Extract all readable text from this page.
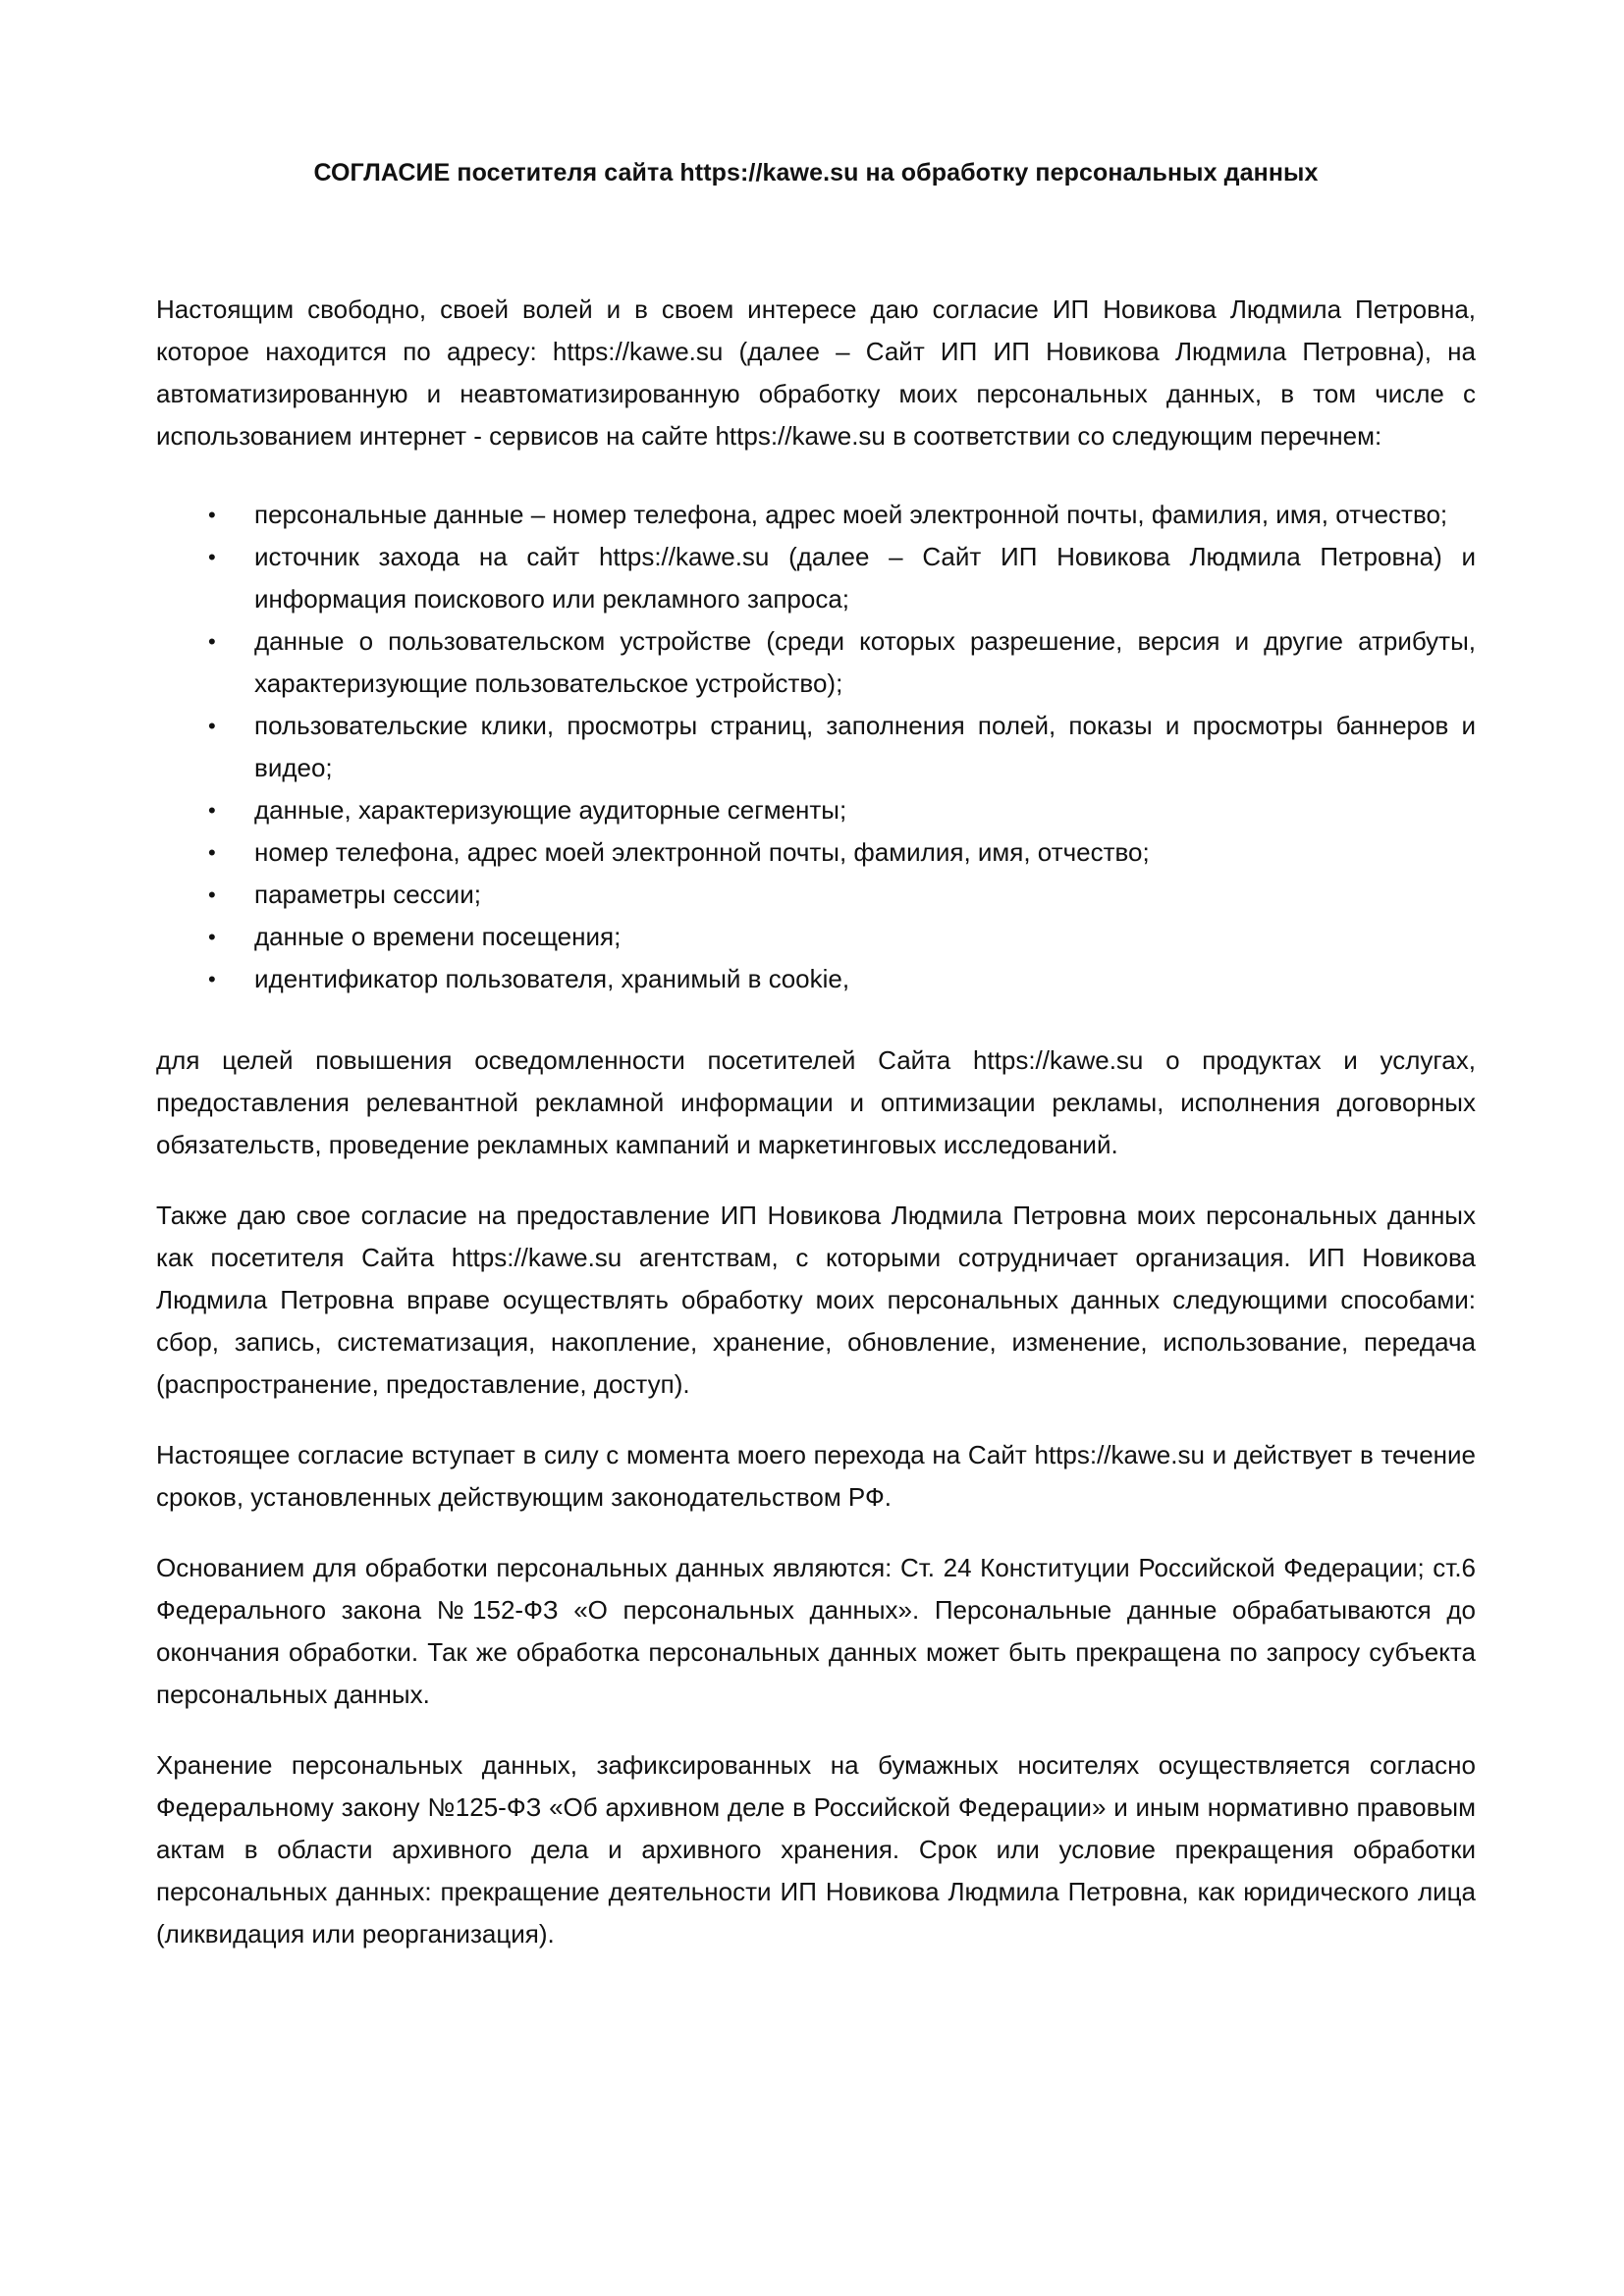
СОГЛАСИЕ посетителя сайта https://kawe.su на обработку персональных данных

Настоящим свободно, своей волей и в своем интересе даю согласие ИП Новикова Людмила Петровна, которое находится по адресу: https://kawe.su (далее – Сайт ИП ИП Новикова Людмила Петровна), на автоматизированную и неавтоматизированную обработку моих персональных данных, в том числе с использованием интернет - сервисов на сайте https://kawe.su в соответствии со следующим перечнем:

• персональные данные – номер телефона, адрес моей электронной почты, фамилия, имя, отчество;
• источник захода на сайт https://kawe.su (далее – Сайт ИП Новикова Людмила Петровна) и информация поискового или рекламного запроса;
• данные о пользовательском устройстве (среди которых разрешение, версия и другие атрибуты, характеризующие пользовательское устройство);
• пользовательские клики, просмотры страниц, заполнения полей, показы и просмотры баннеров и видео;
• данные, характеризующие аудиторные сегменты;
• номер телефона, адрес моей электронной почты, фамилия, имя, отчество;
• параметры сессии;
• данные о времени посещения;
• идентификатор пользователя, хранимый в cookie,

для целей повышения осведомленности посетителей Сайта https://kawe.su о продуктах и услугах, предоставления релевантной рекламной информации и оптимизации рекламы, исполнения договорных обязательств, проведение рекламных кампаний и маркетинговых исследований.

Также даю свое согласие на предоставление ИП Новикова Людмила Петровна моих персональных данных как посетителя Сайта https://kawe.su агентствам, с которыми сотрудничает организация. ИП Новикова Людмила Петровна вправе осуществлять обработку моих персональных данных следующими способами: сбор, запись, систематизация, накопление, хранение, обновление, изменение, использование, передача (распространение, предоставление, доступ).

Настоящее согласие вступает в силу с момента моего перехода на Сайт https://kawe.su и действует в течение сроков, установленных действующим законодательством РФ.

Основанием для обработки персональных данных являются: Ст. 24 Конституции Российской Федерации; ст.6 Федерального закона №152-ФЗ «О персональных данных». Персональные данные обрабатываются до окончания обработки. Так же обработка персональных данных может быть прекращена по запросу субъекта персональных данных.

Хранение персональных данных, зафиксированных на бумажных носителях осуществляется согласно Федеральному закону №125-ФЗ «Об архивном деле в Российской Федерации» и иным нормативно правовым актам в области архивного дела и архивного хранения. Срок или условие прекращения обработки персональных данных: прекращение деятельности ИП Новикова Людмила Петровна, как юридического лица (ликвидация или реорганизация).
